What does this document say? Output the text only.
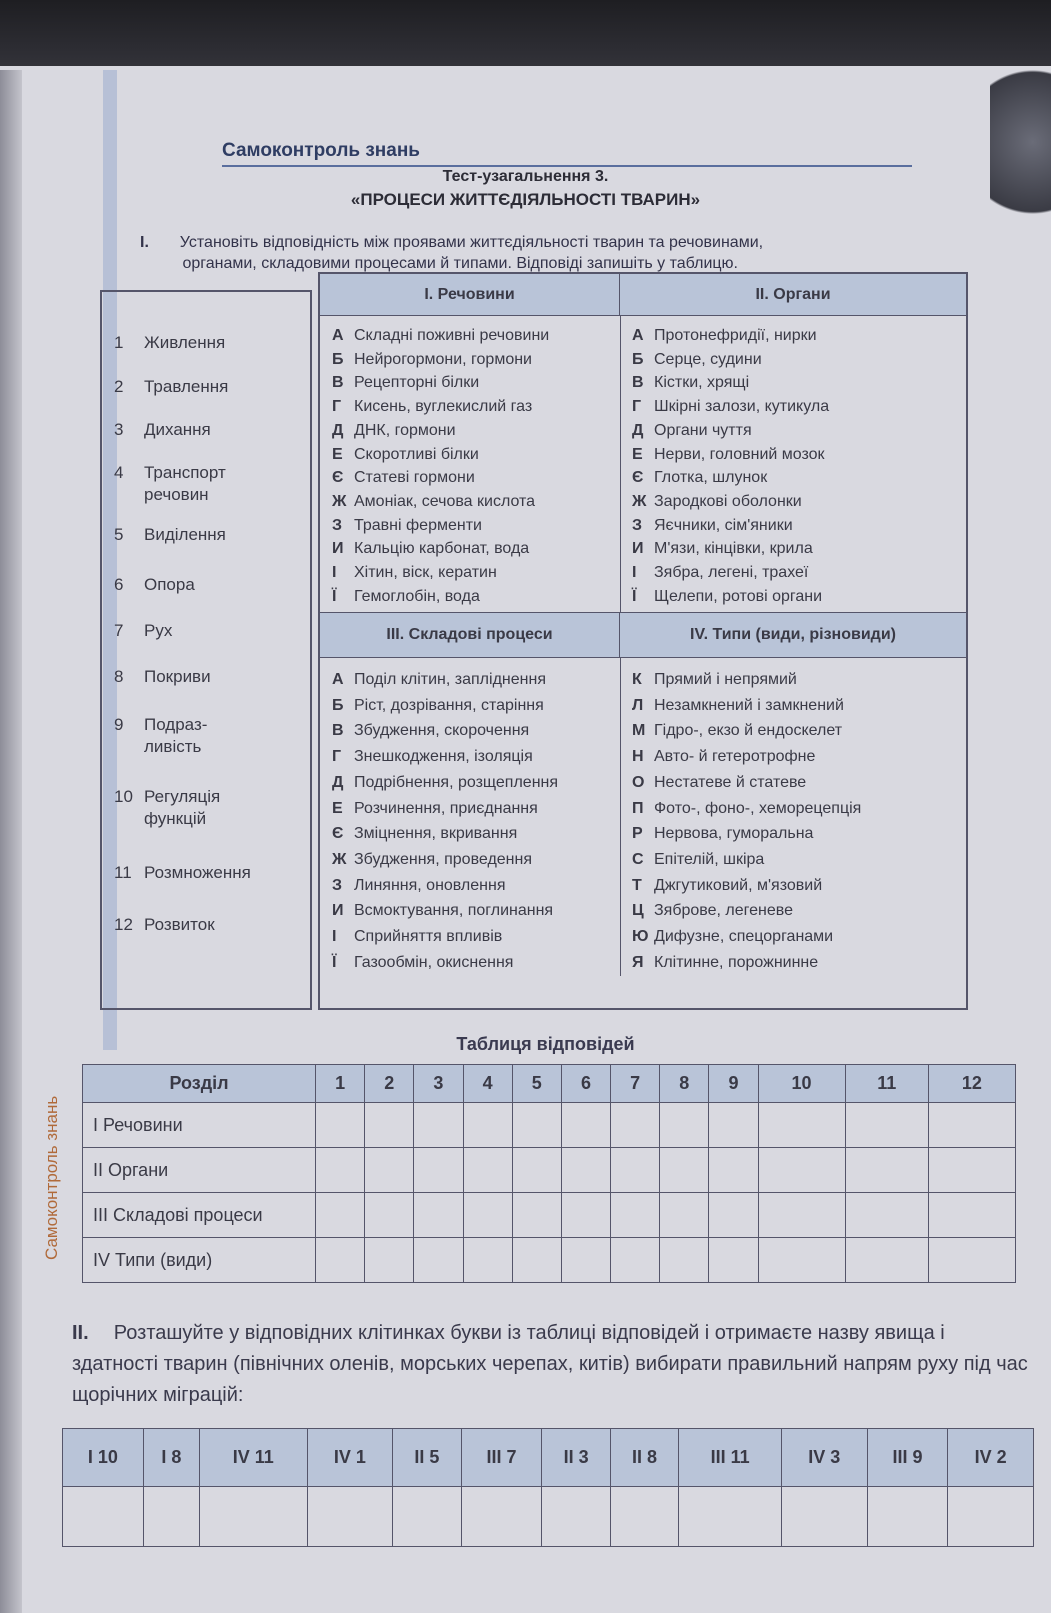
Самоконтроль знань
Самоконтроль знань
Тест-узагальнення 3.
«ПРОЦЕСИ ЖИТТЄДІЯЛЬНОСТІ ТВАРИН»
I. Установіть відповідність між проявами життєдіяльності тварин та речовинами,
органами, складовими процесами й типами. Відповіді запишіть у таблицю.
1 Живлення
2 Травлення
3 Дихання
4 Транспорт
речовин
5 Виділення
6 Опора
7 Рух
8 Покриви
9 Подраз-
ливість
10 Регуляція
функцій
11 Розмноження
12 Розвиток
І. Речовини	ІІ. Органи
ІІІ. Складові процеси	IV. Типи (види, різновиди)
А Складні поживні речовини
Б Нейрогормони, гормони
В Рецепторні білки
Г Кисень, вуглекислий газ
Д ДНК, гормони
Е Скоротливі білки
Є Статеві гормони
Ж Амоніак, сечова кислота
З Травні ферменти
И Кальцію карбонат, вода
І Хітин, віск, кератин
Ї Гемоглобін, вода
А Протонефридії, нирки
Б Серце, судини
В Кістки, хрящі
Г Шкірні залози, кутикула
Д Органи чуття
Е Нерви, головний мозок
Є Глотка, шлунок
Ж Зародкові оболонки
З Яєчники, сім'яники
И М'язи, кінцівки, крила
І Зябра, легені, трахеї
Ї Щелепи, ротові органи
А Поділ клітин, запліднення
Б Ріст, дозрівання, старіння
В Збудження, скорочення
Г Знешкодження, ізоляція
Д Подрібнення, розщеплення
Е Розчинення, приєднання
Є Зміцнення, вкривання
Ж Збудження, проведення
З Линяння, оновлення
И Всмоктування, поглинання
І Сприйняття впливів
Ї Газообмін, окиснення
К Прямий і непрямий
Л Незамкнений і замкнений
М Гідро-, екзо й ендоскелет
Н Авто- й гетеротрофне
О Нестатеве й статеве
П Фото-, фоно-, хеморецепція
Р Нервова, гуморальна
С Епітелій, шкіра
Т Джгутиковий, м'язовий
Ц Зяброве, легеневе
Ю Дифузне, спецорганами
Я Клітинне, порожнинне
Таблиця відповідей
Розділ	1	2	3	4	5	6	7	8	9	10	11	12
І Речовини												
ІІ Органи												
ІІІ Складові процеси												
IV Типи (види)												
II. Розташуйте у відповідних клітинках букви із таблиці відповідей і отримаєте назву явища і здатності тварин (північних оленів, морських черепах, китів) вибирати правильний напрям руху під час щорічних міграцій:
І 10	І 8	IV 11	IV 1	ІІ 5	ІІІ 7	ІІ 3	ІІ 8	ІІІ 11	IV 3	ІІІ 9	IV 2
